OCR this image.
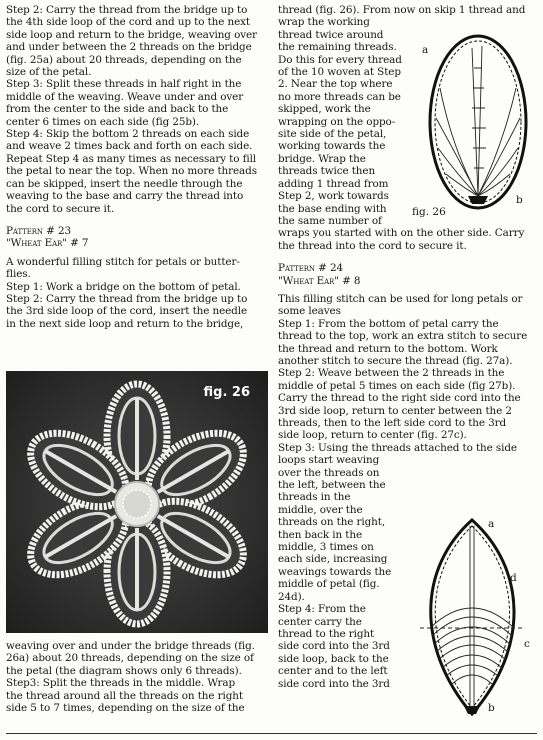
Step 2: Carry the thread from the bridge up to

the 4th side loop of the cord and up to the next

side loop and return to the bridge, weaving over

and under between the 2 threads on the bridge

(fig. 25a) about 20 threads, depending on the

size of the petal.

Step 3: Split these threads in half right in the

middle of the weaving. Weave under and over

from the center to the side and back to the

center 6 times on each side (fig 25b).

Step 4: Skip the bottom 2 threads on each side

and weave 2 times back and forth on each side.

Repeat Step 4 as many times as necessary to fill

the petal to near the top. When no more threads

can be skipped, insert the needle through the

weaving to the base and carry the thread into

the cord to secure it.

Pattern # 23

"Wheat Ear" # 7

A wonderful filling stitch for petals or butter-

flies.

Step 1: Work a bridge on the bottom of petal.

Step 2: Carry the thread from the bridge up to

the 3rd side loop of the cord, insert the needle

in the next side loop and return to the bridge,

fig. 26

weaving over and under the bridge threads (fig.

26a) about 20 threads, depending on the size of

the petal (the diagram shows only 6 threads).

Step3: Split the threads in the middle. Wrap

the thread around all the threads on the right

side 5 to 7 times, depending on the size of the

thread (fig. 26). From now on skip 1 thread and

wrap the working

thread twice around

the remaining threads.

Do this for every thread

of the 10 woven at Step

2. Near the top where

no more threads can be

skipped, work the

wrapping on the oppo-

site side of the petal,

working towards the

bridge. Wrap the

threads twice then

adding 1 thread from

Step 2, work towards

the base ending with

the same number of

wraps you started with on the other side. Carry

the thread into the cord to secure it.

Pattern # 24

"Wheat Ear" # 8

This filling stitch can be used for long petals or

some leaves

Step 1: From the bottom of petal carry the

thread to the top, work an extra stitch to secure

the thread and return to the bottom. Work

another stitch to secure the thread (fig. 27a).

Step 2: Weave between the 2 threads in the

middle of petal 5 times on each side (fig 27b).

Carry the thread to the right side cord into the

3rd side loop, return to center between the 2

threads, then to the left side cord to the 3rd

side loop, return to center (fig. 27c).

Step 3: Using the threads attached to the side

loops start weaving

over the threads on

the left, between the

threads in the

middle, over the

threads on the right,

then back in the

middle, 3 times on

each side, increasing

weavings towards the

middle of petal (fig.

24d).

Step 4: From the

center carry the

thread to the right

side cord into the 3rd

side loop, back to the

center and to the left

side cord into the 3rd

a
b
fig. 26
a
d
c
b
